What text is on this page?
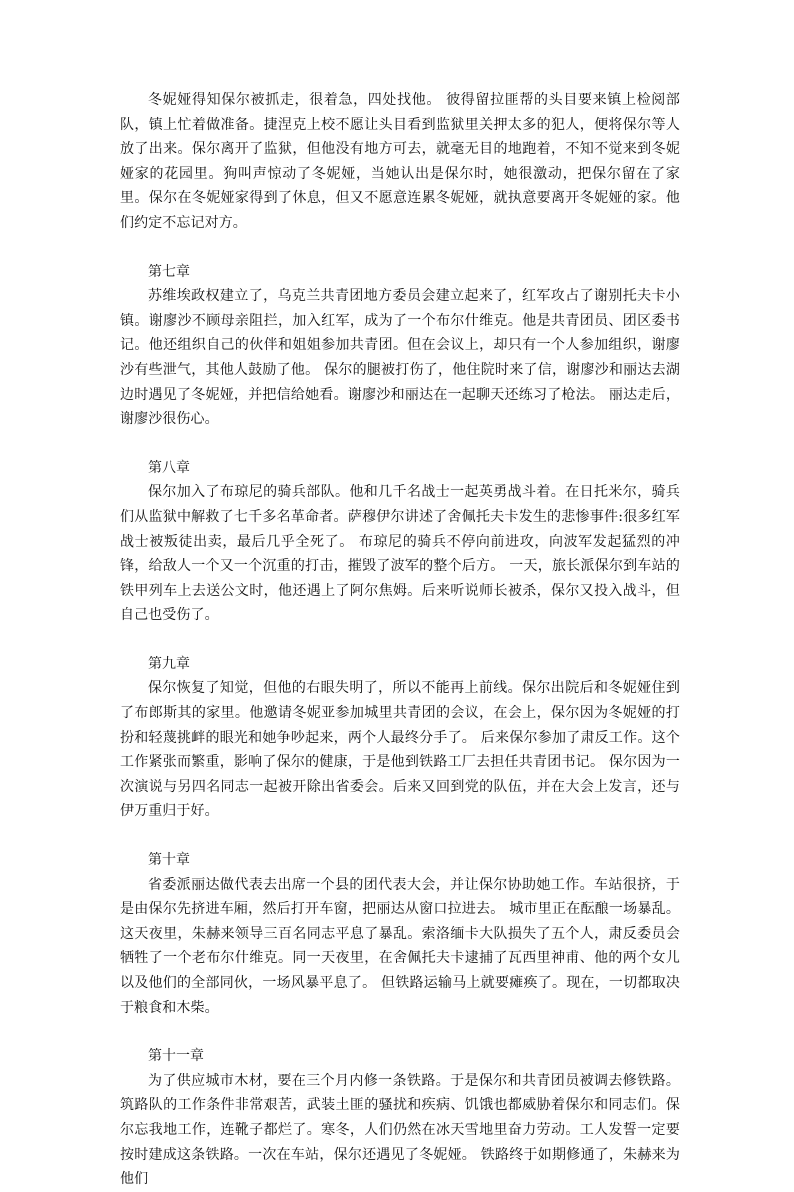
冬妮娅得知保尔被抓走，很着急，四处找他。 彼得留拉匪帮的头目要来镇上检阅部队，镇上忙着做准备。捷涅克上校不愿让头目看到监狱里关押太多的犯人，便将保尔等人放了出来。保尔离开了监狱，但他没有地方可去，就毫无目的地跑着，不知不觉来到冬妮娅家的花园里。狗叫声惊动了冬妮娅，当她认出是保尔时，她很激动，把保尔留在了家里。保尔在冬妮娅家得到了休息，但又不愿意连累冬妮娅，就执意要离开冬妮娅的家。他们约定不忘记对方。

第七章

苏维埃政权建立了，乌克兰共青团地方委员会建立起来了，红军攻占了谢别托夫卡小镇。谢廖沙不顾母亲阻拦，加入红军，成为了一个布尔什维克。他是共青团员、团区委书记。他还组织自己的伙伴和姐姐参加共青团。但在会议上，却只有一个人参加组织，谢廖沙有些泄气，其他人鼓励了他。 保尔的腿被打伤了，他住院时来了信，谢廖沙和丽达去湖边时遇见了冬妮娅，并把信给她看。谢廖沙和丽达在一起聊天还练习了枪法。 丽达走后，谢廖沙很伤心。

第八章

保尔加入了布琼尼的骑兵部队。他和几千名战士一起英勇战斗着。在日托米尔，骑兵们从监狱中解救了七千多名革命者。萨穆伊尔讲述了舍佩托夫卡发生的悲惨事件:很多红军战士被叛徒出卖，最后几乎全死了。 布琼尼的骑兵不停向前进攻，向波军发起猛烈的冲锋，给敌人一个又一个沉重的打击，摧毁了波军的整个后方。 一天，旅长派保尔到车站的铁甲列车上去送公文时，他还遇上了阿尔焦姆。后来听说师长被杀，保尔又投入战斗，但自己也受伤了。

第九章

保尔恢复了知觉，但他的右眼失明了，所以不能再上前线。保尔出院后和冬妮娅住到了布郎斯其的家里。他邀请冬妮亚参加城里共青团的会议，在会上，保尔因为冬妮娅的打扮和轻蔑挑衅的眼光和她争吵起来，两个人最终分手了。 后来保尔参加了肃反工作。这个工作紧张而繁重，影响了保尔的健康，于是他到铁路工厂去担任共青团书记。 保尔因为一次演说与另四名同志一起被开除出省委会。后来又回到党的队伍，并在大会上发言，还与伊万重归于好。

第十章

省委派丽达做代表去出席一个县的团代表大会，并让保尔协助她工作。车站很挤，于是由保尔先挤进车厢，然后打开车窗，把丽达从窗口拉进去。 城市里正在酝酿一场暴乱。这天夜里，朱赫来领导三百名同志平息了暴乱。索洛缅卡大队损失了五个人，肃反委员会牺牲了一个老布尔什维克。同一天夜里，在舍佩托夫卡逮捕了瓦西里神甫、他的两个女儿以及他们的全部同伙，一场风暴平息了。 但铁路运输马上就要瘫痪了。现在，一切都取决于粮食和木柴。

第十一章

为了供应城市木材，要在三个月内修一条铁路。于是保尔和共青团员被调去修铁路。筑路队的工作条件非常艰苦，武装土匪的骚扰和疾病、饥饿也都威胁着保尔和同志们。保尔忘我地工作，连靴子都烂了。寒冬，人们仍然在冰天雪地里奋力劳动。工人发誓一定要按时建成这条铁路。一次在车站，保尔还遇见了冬妮娅。 铁路终于如期修通了，朱赫来为他们
